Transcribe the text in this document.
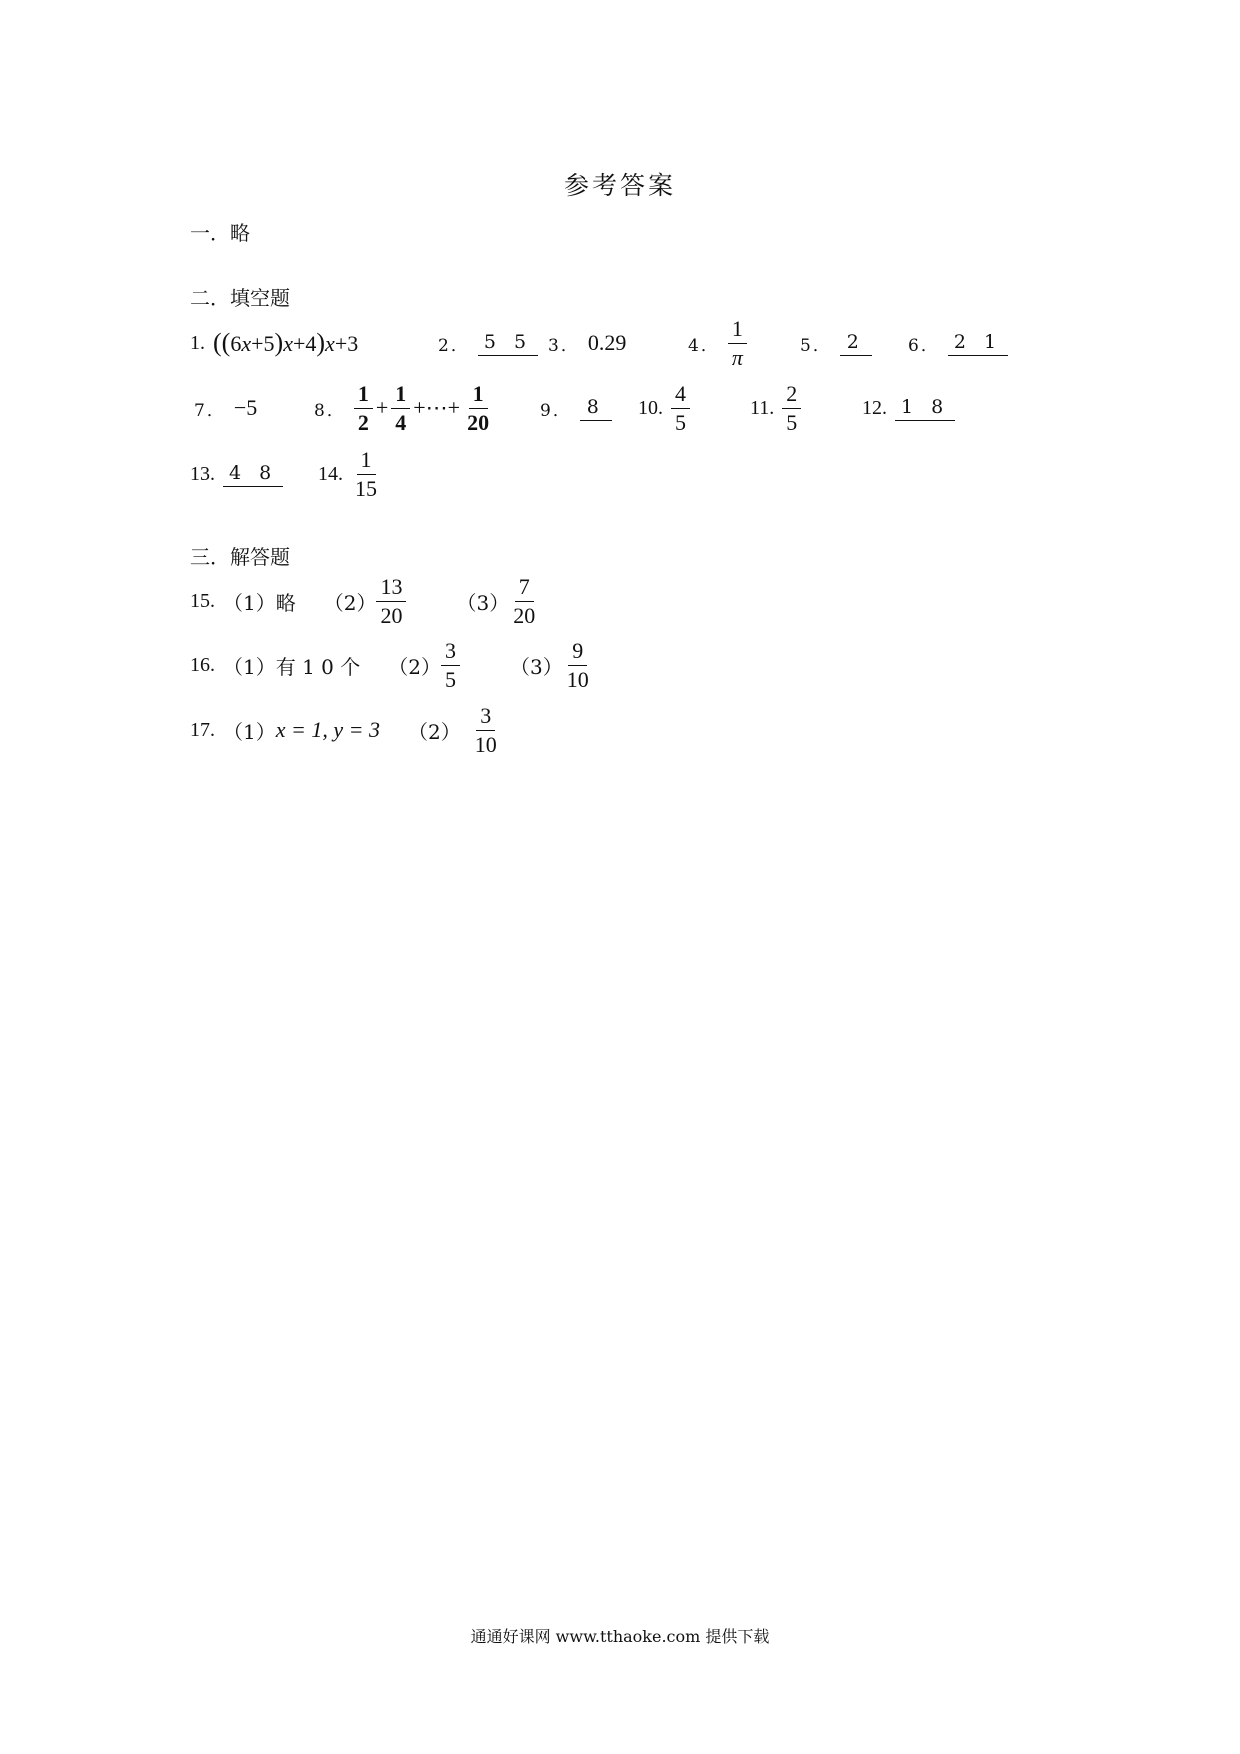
参考答案
一．略
二．填空题
1. ((6x+5)x+4)x+3	2． 5 5 3． 0.29	4． $\frac{1}{\pi}$	5． 2	6． 2 1
7． −5	8． $\frac{1}{2} + \frac{1}{4}$ +⋯+ $\frac{1}{20}$	9． 8	10. $\frac{4}{5}$	11. $\frac{2}{5}$	12. 1 8
13. 4 8	14. $\frac{1}{15}$
三．解答题
15. （1）略 $(2) \frac{13}{20}$	$(3) \frac{7}{20}$
16. （1）有 1 0 个 $(2) \frac{3}{5}$	$(3) \frac{9}{10}$
17. （1） x = 1, y = 3 $(2) \frac{3}{10}$
通通好课网 www.tthaoke.com 提供下载
